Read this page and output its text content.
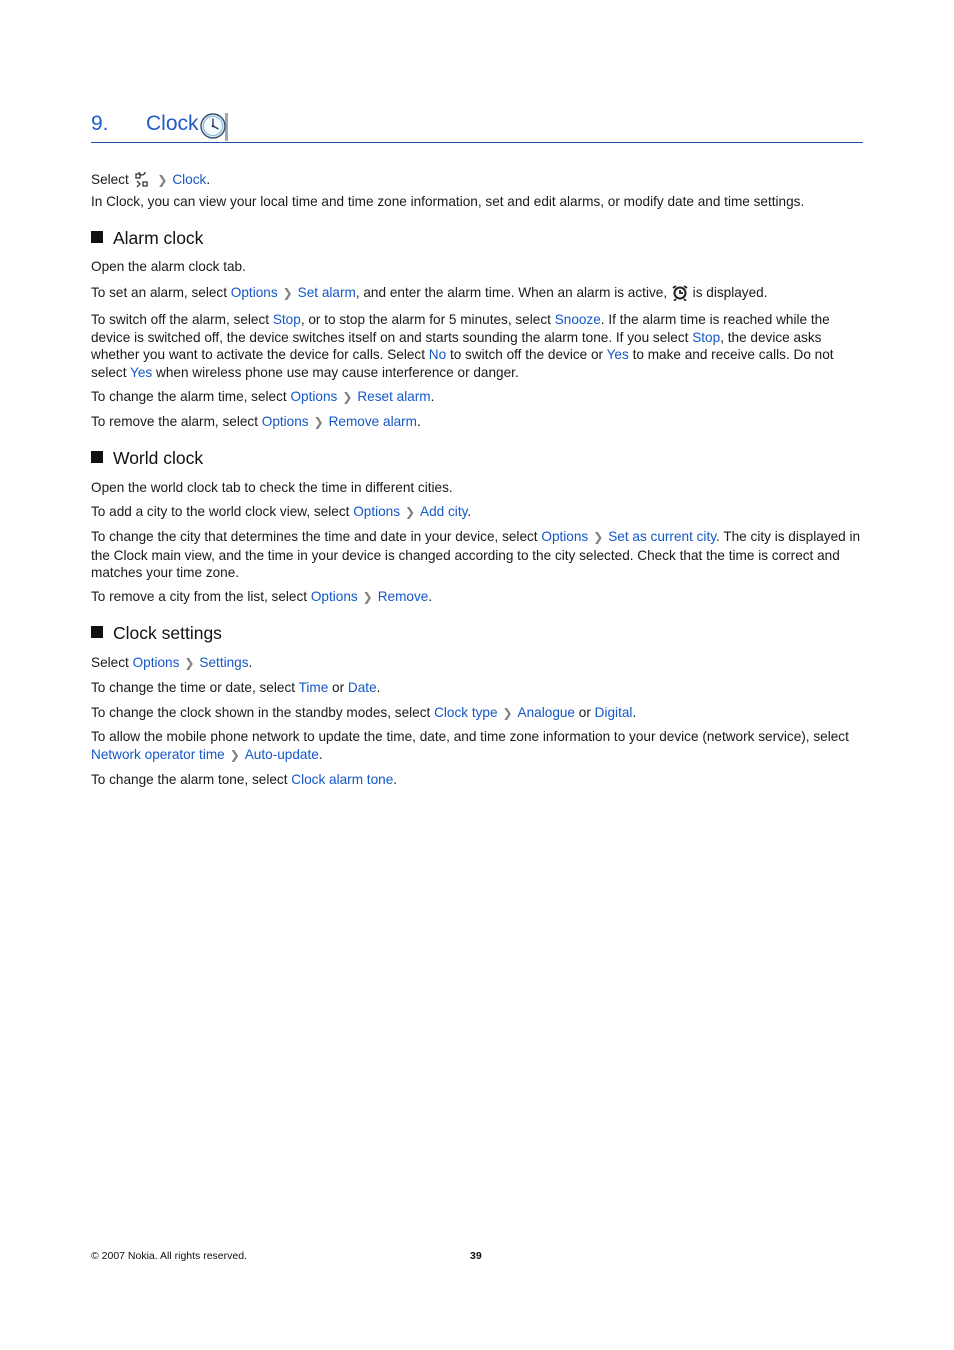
9. Clock

Select ❯ Clock.

In Clock, you can view your local time and time zone information, set and edit alarms, or modify date and time settings.

Alarm clock

Open the alarm clock tab.

To set an alarm, select Options ❯ Set alarm, and enter the alarm time. When an alarm is active, is displayed.

To switch off the alarm, select Stop, or to stop the alarm for 5 minutes, select Snooze. If the alarm time is reached while the device is switched off, the device switches itself on and starts sounding the alarm tone. If you select Stop, the device asks whether you want to activate the device for calls. Select No to switch off the device or Yes to make and receive calls. Do not select Yes when wireless phone use may cause interference or danger.

To change the alarm time, select Options ❯ Reset alarm.

To remove the alarm, select Options ❯ Remove alarm.

World clock

Open the world clock tab to check the time in different cities.

To add a city to the world clock view, select Options ❯ Add city.

To change the city that determines the time and date in your device, select Options ❯ Set as current city. The city is displayed in the Clock main view, and the time in your device is changed according to the city selected. Check that the time is correct and matches your time zone.

To remove a city from the list, select Options ❯ Remove.

Clock settings

Select Options ❯ Settings.

To change the time or date, select Time or Date.

To change the clock shown in the standby modes, select Clock type ❯ Analogue or Digital.

To allow the mobile phone network to update the time, date, and time zone information to your device (network service), select Network operator time ❯ Auto-update.

To change the alarm tone, select Clock alarm tone.

© 2007 Nokia. All rights reserved.	39
